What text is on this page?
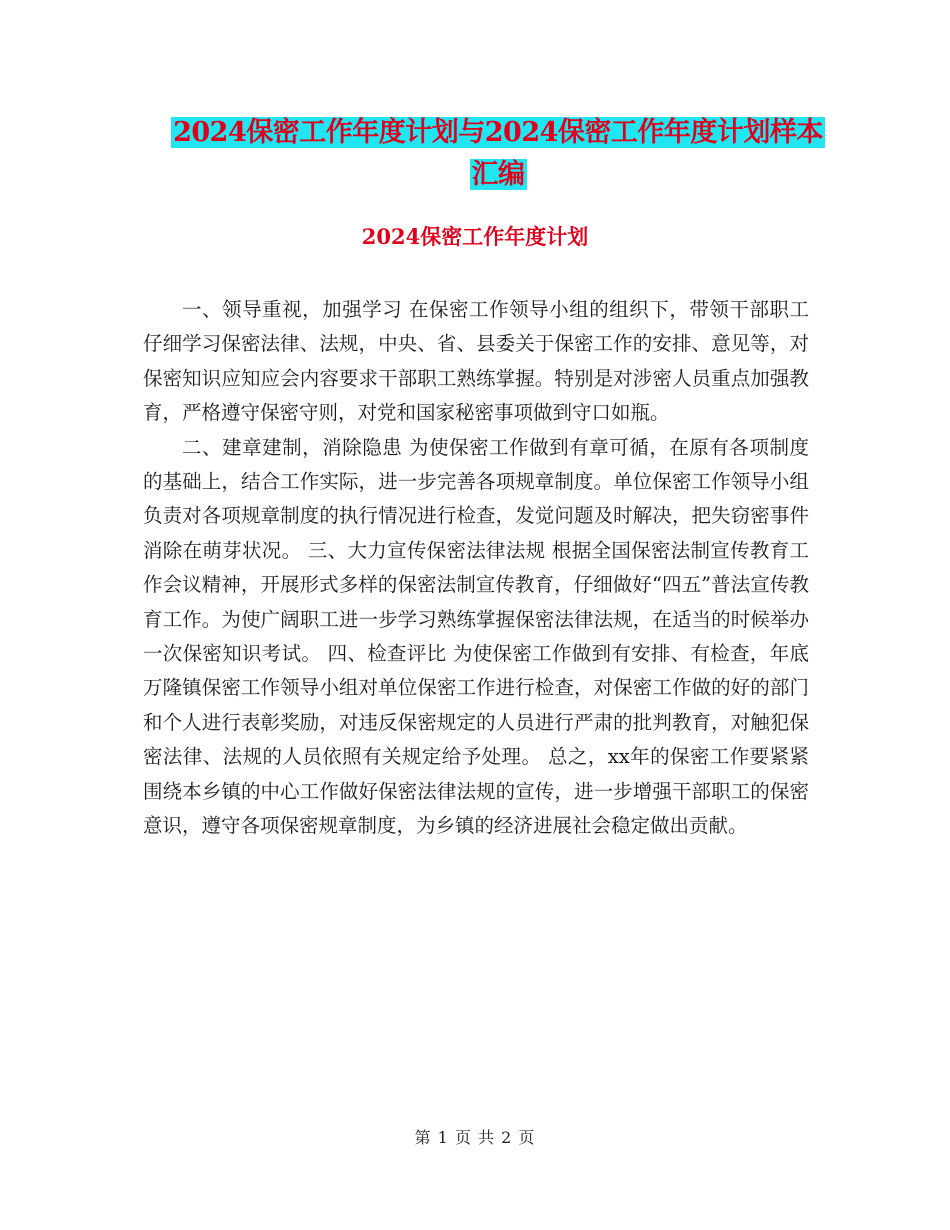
2024保密工作年度计划与2024保密工作年度计划样本
汇编
2024保密工作年度计划

一、领导重视，加强学习 在保密工作领导小组的组织下，带领干部职工仔细学习保密法律、法规，中央、省、县委关于保密工作的安排、意见等，对保密知识应知应会内容要求干部职工熟练掌握。特别是对涉密人员重点加强教育，严格遵守保密守则，对党和国家秘密事项做到守口如瓶。

二、建章建制，消除隐患 为使保密工作做到有章可循，在原有各项制度的基础上，结合工作实际，进一步完善各项规章制度。单位保密工作领导小组负责对各项规章制度的执行情况进行检查，发觉问题及时解决，把失窃密事件消除在萌芽状况。 三、大力宣传保密法律法规 根据全国保密法制宣传教育工作会议精神，开展形式多样的保密法制宣传教育，仔细做好“四五”普法宣传教育工作。为使广阔职工进一步学习熟练掌握保密法律法规，在适当的时候举办一次保密知识考试。 四、检查评比 为使保密工作做到有安排、有检查，年底万隆镇保密工作领导小组对单位保密工作进行检查，对保密工作做的好的部门和个人进行表彰奖励，对违反保密规定的人员进行严肃的批判教育，对触犯保密法律、法规的人员依照有关规定给予处理。 总之，xx年的保密工作要紧紧围绕本乡镇的中心工作做好保密法律法规的宣传，进一步增强干部职工的保密意识，遵守各项保密规章制度，为乡镇的经济进展社会稳定做出贡献。

第 1 页 共 2 页
